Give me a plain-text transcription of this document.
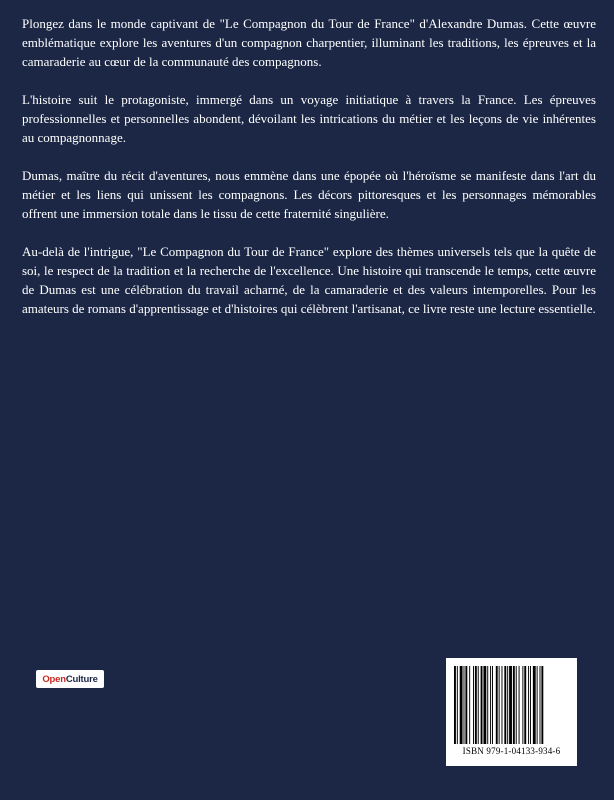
Plongez dans le monde captivant de "Le Compagnon du Tour de France" d'Alexandre Dumas. Cette œuvre emblématique explore les aventures d'un compagnon charpentier, illuminant les traditions, les épreuves et la camaraderie au cœur de la communauté des compagnons.

L'histoire suit le protagoniste, immergé dans un voyage initiatique à travers la France. Les épreuves professionnelles et personnelles abondent, dévoilant les intrications du métier et les leçons de vie inhérentes au compagnonnage.

Dumas, maître du récit d'aventures, nous emmène dans une épopée où l'héroïsme se manifeste dans l'art du métier et les liens qui unissent les compagnons. Les décors pittoresques et les personnages mémorables offrent une immersion totale dans le tissu de cette fraternité singulière.

Au-delà de l'intrigue, "Le Compagnon du Tour de France" explore des thèmes universels tels que la quête de soi, le respect de la tradition et la recherche de l'excellence. Une histoire qui transcende le temps, cette œuvre de Dumas est une célébration du travail acharné, de la camaraderie et des valeurs intemporelles. Pour les amateurs de romans d'apprentissage et d'histoires qui célèbrent l'artisanat, ce livre reste une lecture essentielle.

Open Culture
ISBN 979-1-04133-934-6
